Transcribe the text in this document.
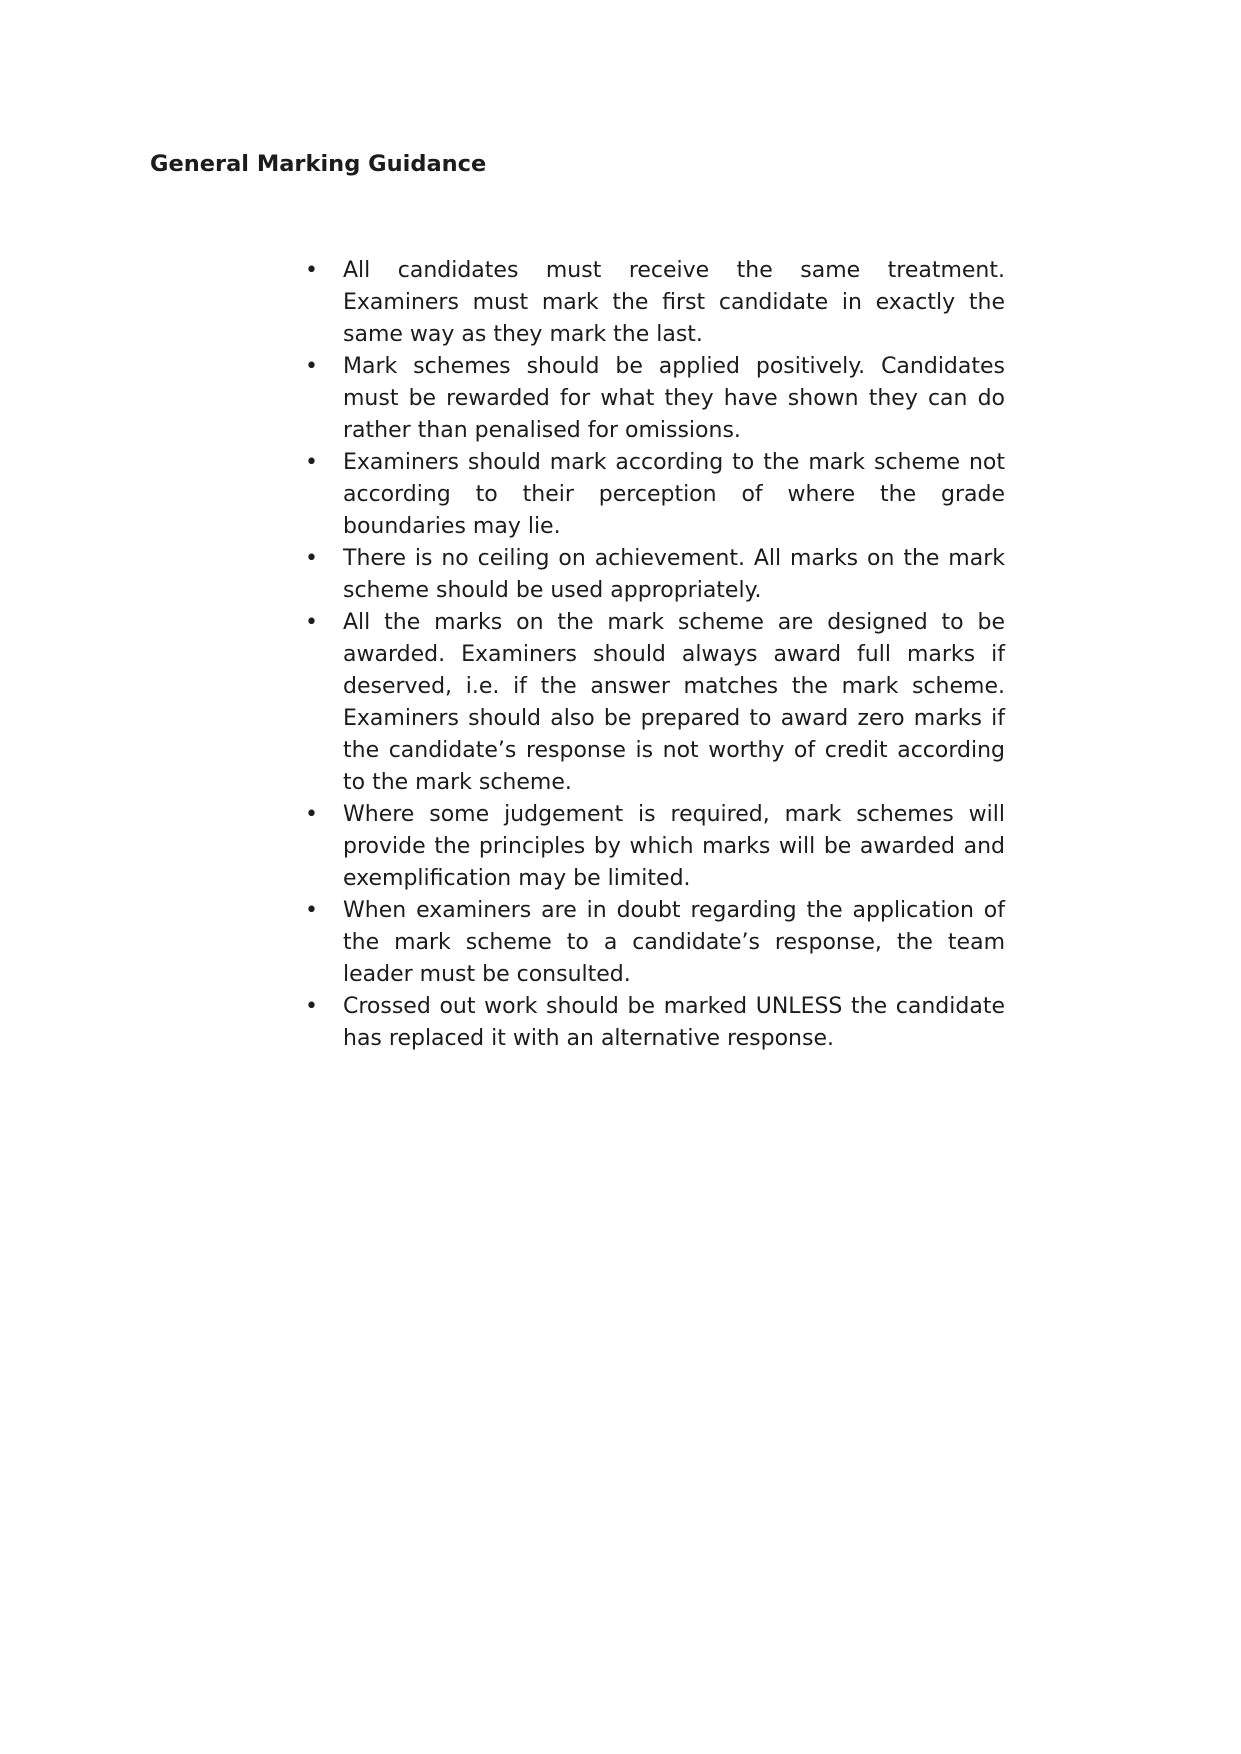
General Marking Guidance
• All candidates must receive the same treatment. Examiners must mark the first candidate in exactly the same way as they mark the last.
• Mark schemes should be applied positively. Candidates must be rewarded for what they have shown they can do rather than penalised for omissions.
• Examiners should mark according to the mark scheme not according to their perception of where the grade boundaries may lie.
• There is no ceiling on achievement. All marks on the mark scheme should be used appropriately.
• All the marks on the mark scheme are designed to be awarded. Examiners should always award full marks if deserved, i.e. if the answer matches the mark scheme. Examiners should also be prepared to award zero marks if the candidate’s response is not worthy of credit according to the mark scheme.
• Where some judgement is required, mark schemes will provide the principles by which marks will be awarded and exemplification may be limited.
• When examiners are in doubt regarding the application of the mark scheme to a candidate’s response, the team leader must be consulted.
• Crossed out work should be marked UNLESS the candidate has replaced it with an alternative response.
